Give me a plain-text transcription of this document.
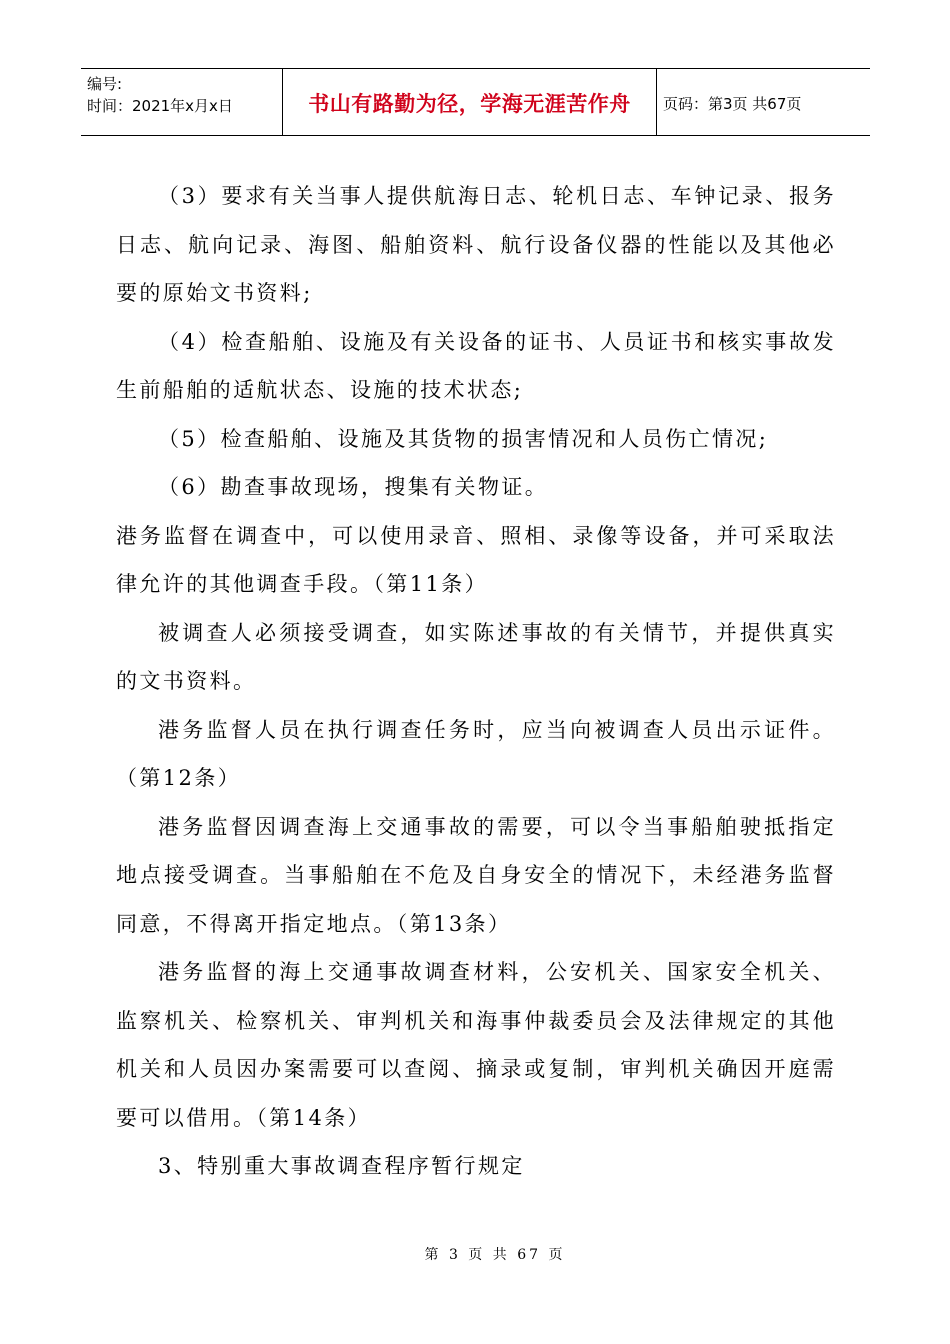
编号:
时间：2021年x月x日	书山有路勤为径，学海无涯苦作舟	页码：第3页 共67页

（3）要求有关当事人提供航海日志、轮机日志、车钟记录、报务日志、航向记录、海图、船舶资料、航行设备仪器的性能以及其他必要的原始文书资料;

（4）检查船舶、设施及有关设备的证书、人员证书和核实事故发生前船舶的适航状态、设施的技术状态;

（5）检查船舶、设施及其货物的损害情况和人员伤亡情况;

（6）勘查事故现场，搜集有关物证。

港务监督在调查中，可以使用录音、照相、录像等设备，并可采取法律允许的其他调查手段。（第11条）

被调查人必须接受调查，如实陈述事故的有关情节，并提供真实的文书资料。

港务监督人员在执行调查任务时，应当向被调查人员出示证件。（第12条）

港务监督因调查海上交通事故的需要，可以令当事船舶驶抵指定地点接受调查。当事船舶在不危及自身安全的情况下，未经港务监督同意，不得离开指定地点。（第13条）

港务监督的海上交通事故调查材料，公安机关、国家安全机关、监察机关、检察机关、审判机关和海事仲裁委员会及法律规定的其他机关和人员因办案需要可以查阅、摘录或复制，审判机关确因开庭需要可以借用。（第14条）

3、特别重大事故调查程序暂行规定

第 3 页 共 67 页
